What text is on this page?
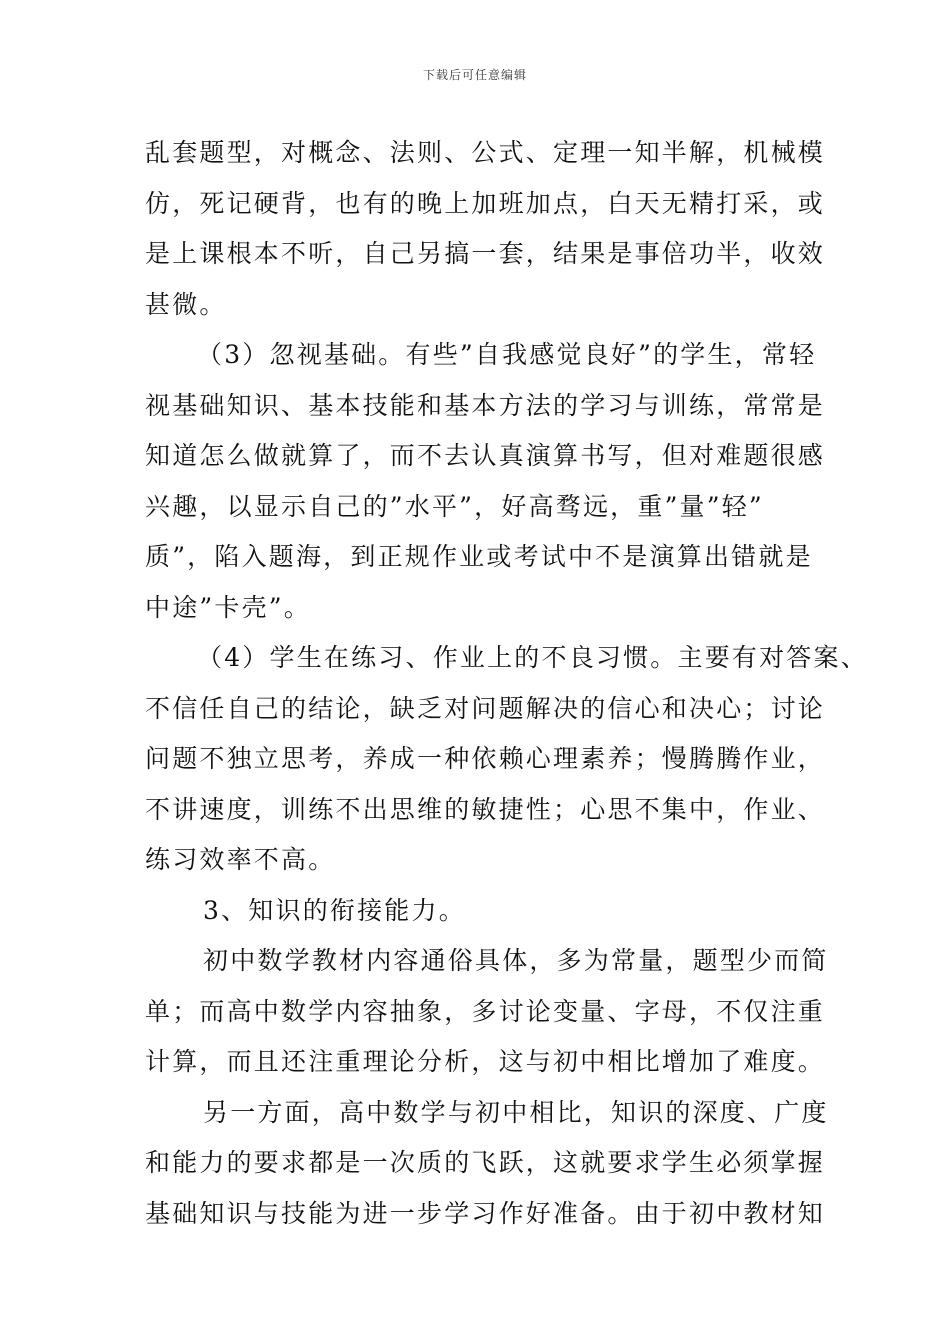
下载后可任意编辑
乱套题型，对概念、法则、公式、定理一知半解，机械模
仿，死记硬背，也有的晚上加班加点，白天无精打采，或
是上课根本不听，自己另搞一套，结果是事倍功半，收效
甚微。
（3）忽视基础。有些”自我感觉良好”的学生，常轻
视基础知识、基本技能和基本方法的学习与训练，常常是
知道怎么做就算了，而不去认真演算书写，但对难题很感
兴趣，以显示自己的”水平”，好高骛远，重”量”轻”
质”，陷入题海，到正规作业或考试中不是演算出错就是
中途”卡壳”。
（4）学生在练习、作业上的不良习惯。主要有对答案、
不信任自己的结论，缺乏对问题解决的信心和决心；讨论
问题不独立思考，养成一种依赖心理素养；慢腾腾作业，
不讲速度，训练不出思维的敏捷性；心思不集中，作业、
练习效率不高。
3、知识的衔接能力。
初中数学教材内容通俗具体，多为常量，题型少而简
单；而高中数学内容抽象，多讨论变量、字母，不仅注重
计算，而且还注重理论分析，这与初中相比增加了难度。
另一方面，高中数学与初中相比，知识的深度、广度
和能力的要求都是一次质的飞跃，这就要求学生必须掌握
基础知识与技能为进一步学习作好准备。由于初中教材知
